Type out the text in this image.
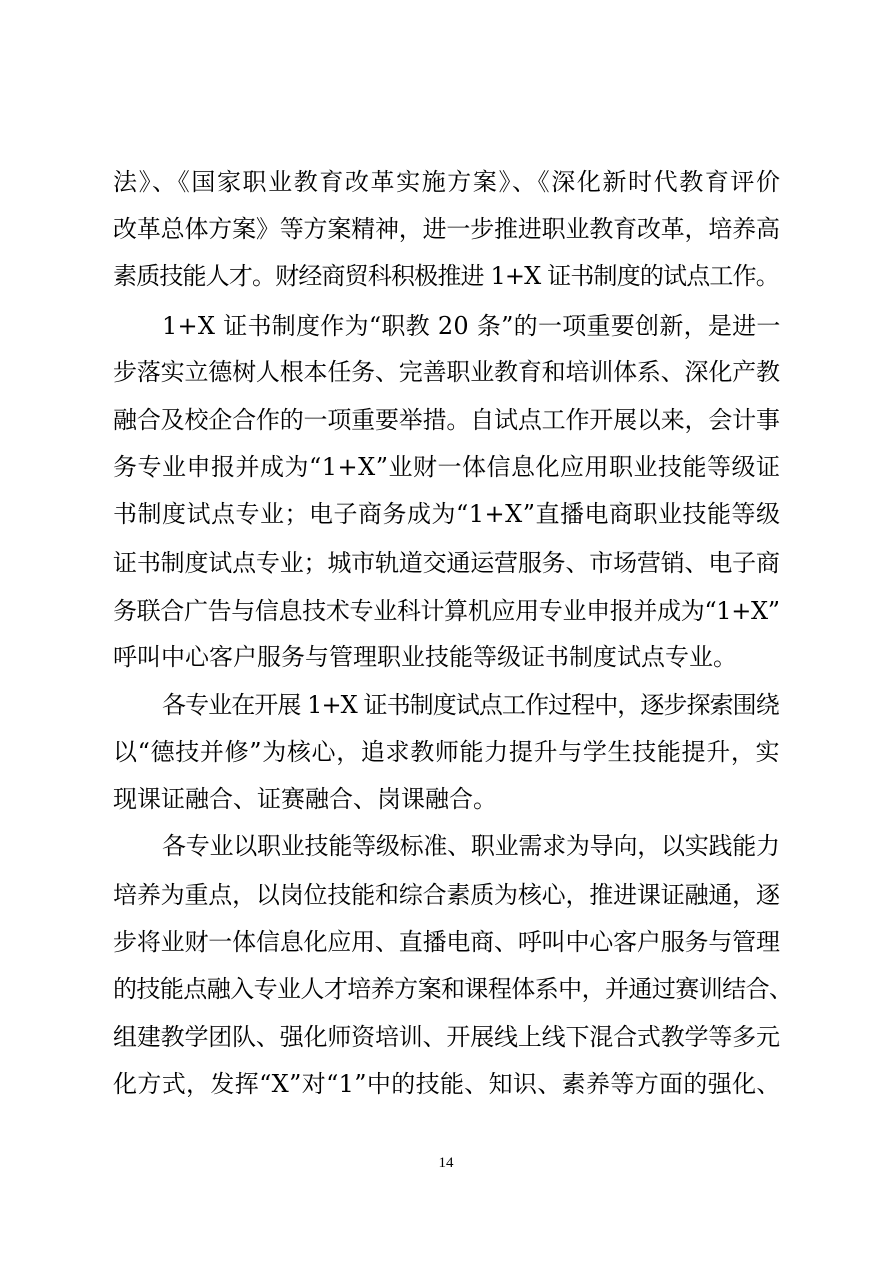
法》、《国家职业教育改革实施方案》、《深化新时代教育评价
改革总体方案》等方案精神，进一步推进职业教育改革，培养高
素质技能人才。财经商贸科积极推进 1+X 证书制度的试点工作。
1+X 证书制度作为“职教 20 条”的一项重要创新，是进一
步落实立德树人根本任务、完善职业教育和培训体系、深化产教
融合及校企合作的一项重要举措。自试点工作开展以来，会计事
务专业申报并成为“1+X”业财一体信息化应用职业技能等级证
书制度试点专业；电子商务成为“1+X”直播电商职业技能等级
证书制度试点专业；城市轨道交通运营服务、市场营销、电子商
务联合广告与信息技术专业科计算机应用专业申报并成为“1+X”
呼叫中心客户服务与管理职业技能等级证书制度试点专业。
各专业在开展 1+X 证书制度试点工作过程中，逐步探索围绕
以“德技并修”为核心，追求教师能力提升与学生技能提升，实
现课证融合、证赛融合、岗课融合。
各专业以职业技能等级标准、职业需求为导向，以实践能力
培养为重点，以岗位技能和综合素质为核心，推进课证融通，逐
步将业财一体信息化应用、直播电商、呼叫中心客户服务与管理
的技能点融入专业人才培养方案和课程体系中，并通过赛训结合、
组建教学团队、强化师资培训、开展线上线下混合式教学等多元
化方式，发挥“X”对“1”中的技能、知识、素养等方面的强化、
14
